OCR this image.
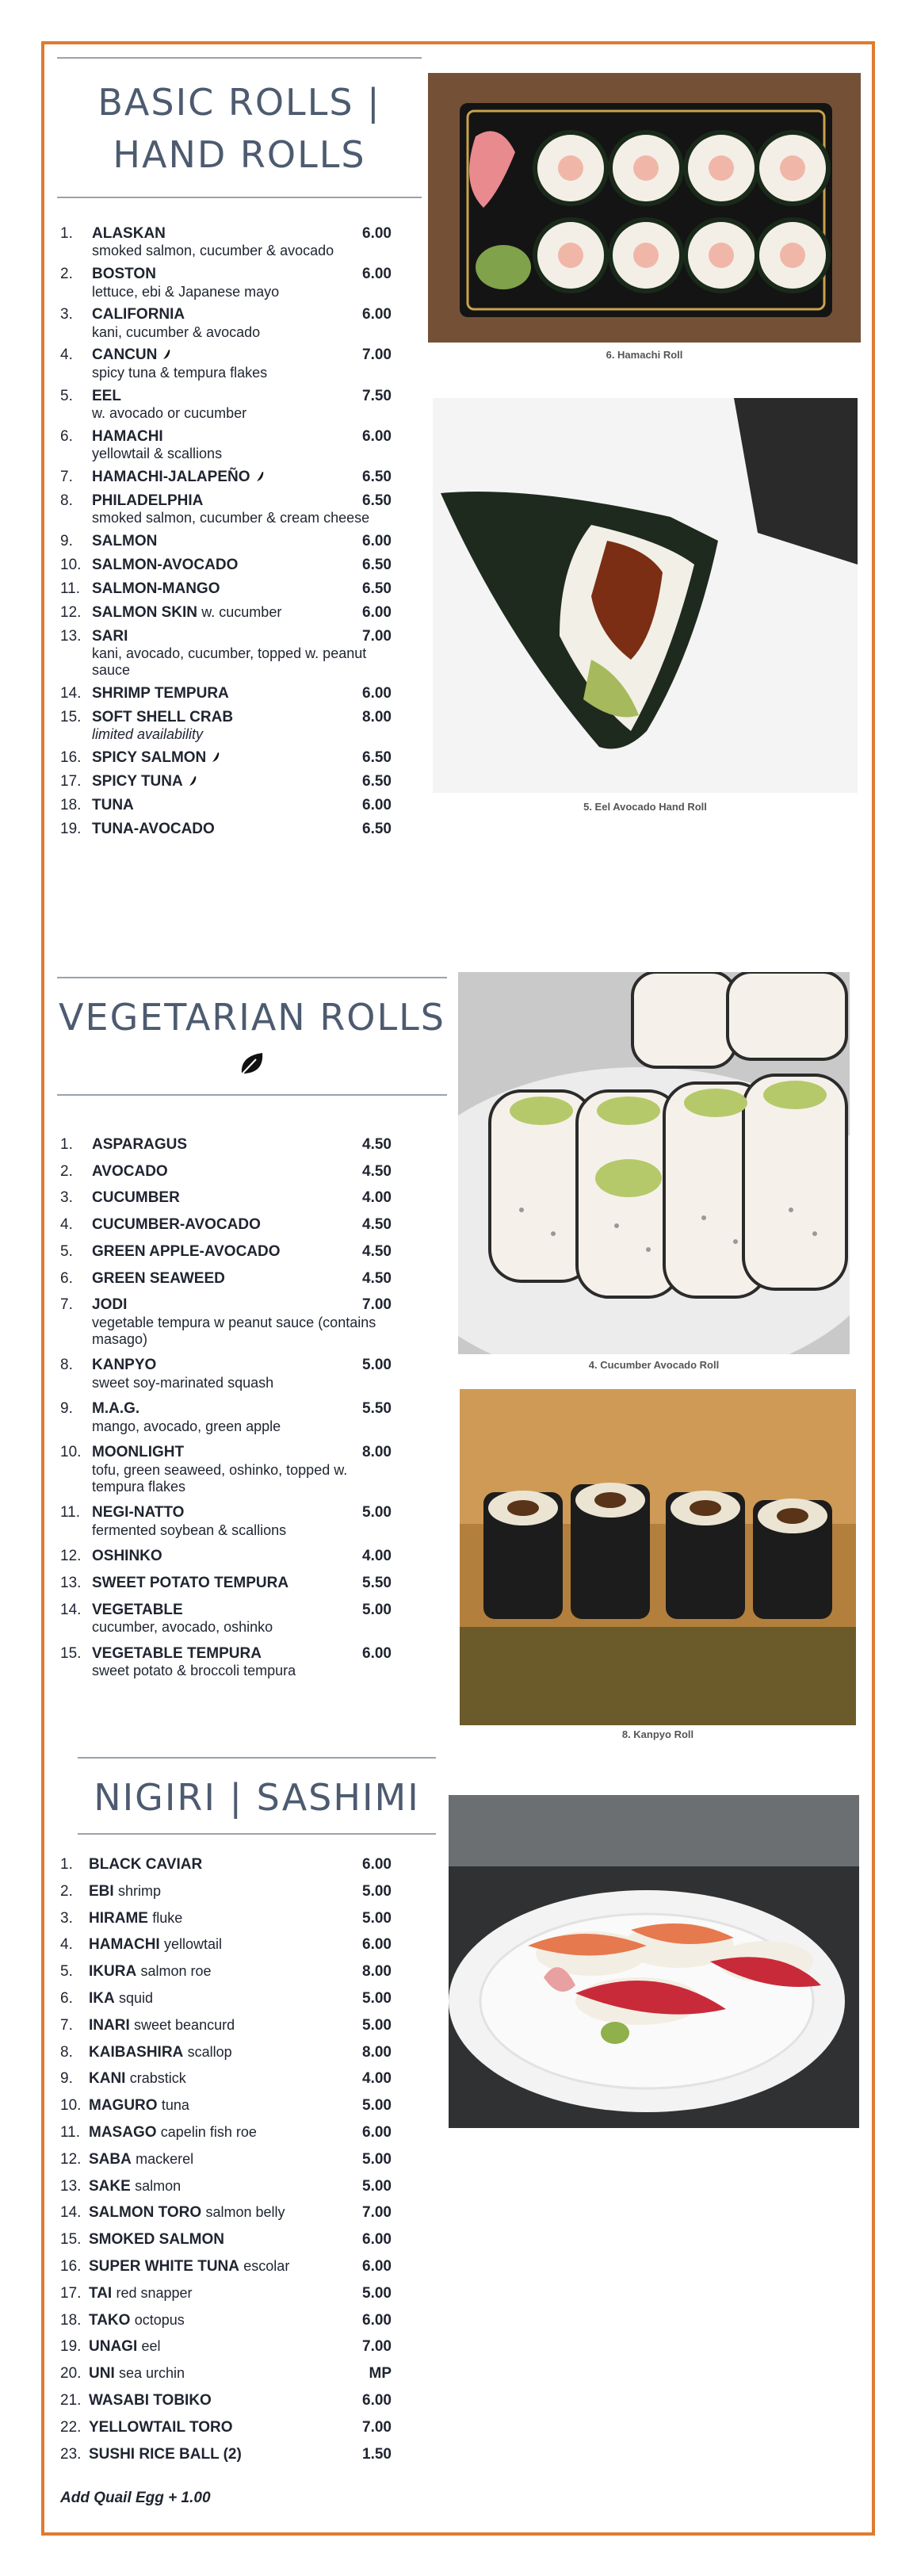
BASIC ROLLS |
HAND ROLLS
1.	ALASKAN	6.00
smoked salmon, cucumber & avocado
2.	BOSTON	6.00
lettuce, ebi & Japanese mayo
3.	CALIFORNIA	6.00
kani, cucumber & avocado
4.	CANCUN	7.00
spicy tuna & tempura flakes
5.	EEL	7.50
w. avocado or cucumber
6.	HAMACHI	6.00
yellowtail & scallions
7.	HAMACHI-JALAPEÑO	6.50
8.	PHILADELPHIA	6.50
smoked salmon, cucumber & cream cheese
9.	SALMON	6.00
10. SALMON-AVOCADO	6.50
11. SALMON-MANGO	6.50
12. SALMON SKIN w. cucumber	6.00
13. SARI	7.00
kani, avocado, cucumber, topped w. peanut sauce
14. SHRIMP TEMPURA	6.00
15. SOFT SHELL CRAB	8.00
limited availability
16. SPICY SALMON	6.50
17. SPICY TUNA	6.50
18. TUNA	6.00
19. TUNA-AVOCADO	6.50
6. Hamachi Roll
5. Eel Avocado Hand Roll
VEGETARIAN ROLLS
1.	ASPARAGUS	4.50
2.	AVOCADO	4.50
3.	CUCUMBER	4.00
4.	CUCUMBER-AVOCADO	4.50
5.	GREEN APPLE-AVOCADO	4.50
6.	GREEN SEAWEED	4.50
7.	JODI	7.00
vegetable tempura w peanut sauce (contains masago)
8.	KANPYO	5.00
sweet soy-marinated squash
9.	M.A.G.	5.50
mango, avocado, green apple
10. MOONLIGHT	8.00
tofu, green seaweed, oshinko, topped w. tempura flakes
11. NEGI-NATTO	5.00
fermented soybean & scallions
12. OSHINKO	4.00
13. SWEET POTATO TEMPURA	5.50
14. VEGETABLE	5.00
cucumber, avocado, oshinko
15. VEGETABLE TEMPURA	6.00
sweet potato & broccoli tempura
4. Cucumber Avocado Roll
8. Kanpyo Roll
NIGIRI | SASHIMI
1.	BLACK CAVIAR	6.00
2.	EBI shrimp	5.00
3.	HIRAME fluke	5.00
4.	HAMACHI yellowtail	6.00
5.	IKURA salmon roe	8.00
6.	IKA squid	5.00
7.	INARI sweet beancurd	5.00
8.	KAIBASHIRA scallop	8.00
9.	KANI crabstick	4.00
10. MAGURO tuna	5.00
11. MASAGO capelin fish roe	6.00
12. SABA mackerel	5.00
13. SAKE salmon	5.00
14. SALMON TORO salmon belly	7.00
15. SMOKED SALMON	6.00
16. SUPER WHITE TUNA escolar	6.00
17. TAI red snapper	5.00
18. TAKO octopus	6.00
19. UNAGI eel	7.00
20. UNI sea urchin	MP
21. WASABI TOBIKO	6.00
22. YELLOWTAIL TORO	7.00
23. SUSHI RICE BALL (2)	1.50
Add Quail Egg + 1.00
